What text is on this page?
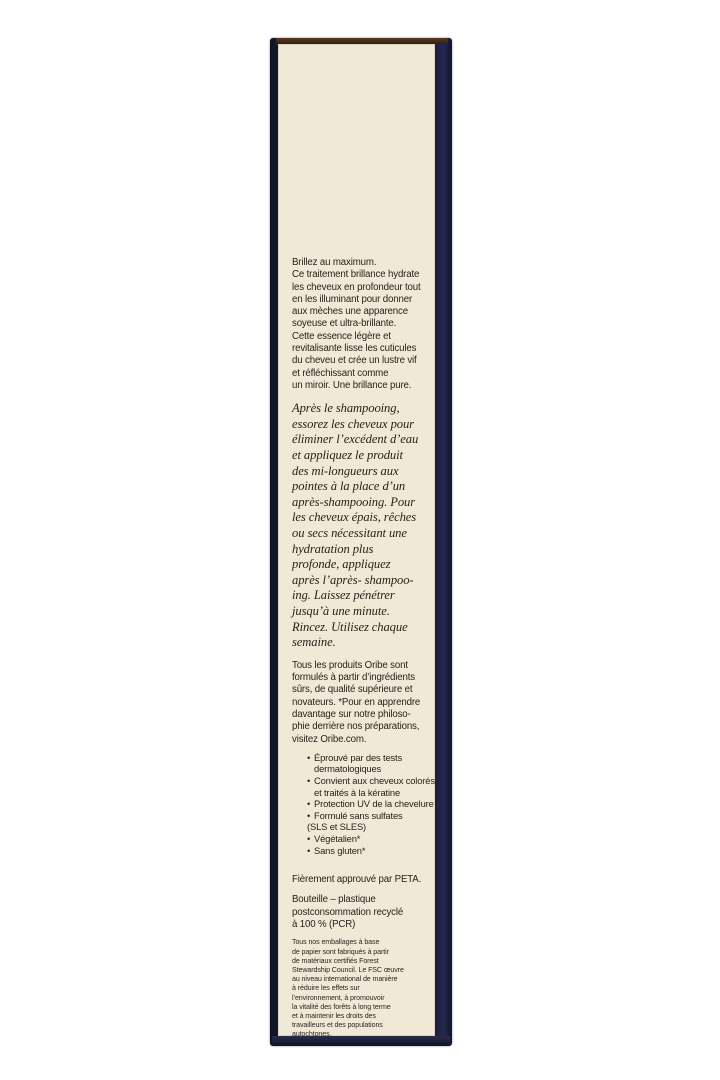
Brillez au maximum.
Ce traitement brillance hydrate
les cheveux en profondeur tout
en les illuminant pour donner
aux mèches une apparence
soyeuse et ultra-brillante.
Cette essence légère et
revitalisante lisse les cuticules
du cheveu et crée un lustre vif
et réfléchissant comme
un miroir. Une brillance pure.
Après le shampooing,
essorez les cheveux pour
éliminer l’excédent d’eau
et appliquez le produit
des mi-longueurs aux
pointes à la place d’un
après-shampooing. Pour
les cheveux épais, rêches
ou secs nécessitant une
hydratation plus
profonde, appliquez
après l’après- shampoo-
ing. Laissez pénétrer
jusqu’à une minute.
Rincez. Utilisez chaque
semaine.
Tous les produits Oribe sont
formulés à partir d’ingrédients
sûrs, de qualité supérieure et
novateurs. *Pour en apprendre
davantage sur notre philoso-
phie derrière nos préparations,
visitez Oribe.com.
• Éprouvé par des tests
dermatologiques
• Convient aux cheveux colorés
et traités à la kératine
• Protection UV de la chevelure
• Formulé sans sulfates
(SLS et SLES)
• Végétalien*
• Sans gluten*
Fièrement approuvé par PETA.
Bouteille – plastique
postconsommation recyclé
à 100 % (PCR)
Tous nos emballages à base
de papier sont fabriqués à partir
de matériaux certifiés Forest
Stewardship Council. Le FSC œuvre
au niveau international de manière
à réduire les effets sur
l’environnement, à promouvoir
la vitalité des forêts à long terme
et à maintenir les droits des
travailleurs et des populations
autochtones.
